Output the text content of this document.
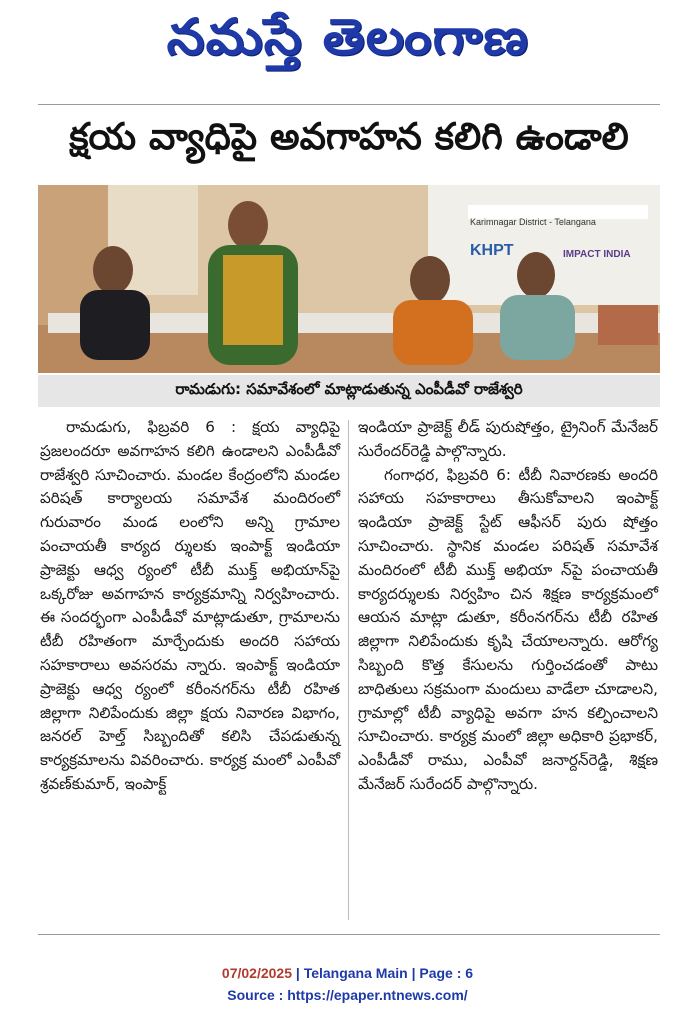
నమస్తే తెలంగాణ
క్షయ వ్యాధిపై అవగాహన కలిగి ఉండాలి
Karimnagar District - Telangana
KHPT	IMPACT INDIA
రామడుగు: సమావేశంలో మాట్లాడుతున్న ఎంపీడీవో రాజేశ్వరి

రామడుగు, ఫిబ్రవరి 6 : క్షయ వ్యాధిపై ప్రజలందరూ అవగాహన కలిగి ఉండాలని ఎంపీడీవో రాజేశ్వరి సూచించారు. మండల కేంద్రంలోని మండల పరిషత్ కార్యాలయ సమావేశ మందిరంలో గురువారం మండ లంలోని అన్ని గ్రామాల పంచాయతీ కార్యద ర్శులకు ఇంపాక్ట్ ఇండియా ప్రాజెక్టు ఆధ్వ ర్యంలో టీబీ ముక్త్ అభియాన్‌పై ఒక్కరోజు అవగాహన కార్యక్రమాన్ని నిర్వహించారు. ఈ సందర్భంగా ఎంపీడీవో మాట్లాడుతూ, గ్రామాలను టీబీ రహితంగా మార్చేందుకు అందరి సహాయ సహకారాలు అవసరమ న్నారు. ఇంపాక్ట్ ఇండియా ప్రాజెక్టు ఆధ్వ ర్యంలో కరీంనగర్‌ను టీబీ రహిత జిల్లాగా నిలిపేందుకు జిల్లా క్షయ నివారణ విభాగం, జనరల్ హెల్త్ సిబ్బందితో కలిసి చేపడుతున్న కార్యక్రమాలను వివరించారు. కార్యక్ర మంలో ఎంపీవో శ్రవణ్‌కుమార్, ఇంపాక్ట్

ఇండియా ప్రాజెక్ట్ లీడ్ పురుషోత్తం, ట్రైనింగ్ మేనేజర్ సురేందర్‌రెడ్డి పాల్గొన్నారు.

గంగాధర, ఫిబ్రవరి 6: టీబీ నివారణకు అందరి సహాయ సహకారాలు తీసుకోవాలని ఇంపాక్ట్ ఇండియా ప్రాజెక్ట్ స్టేట్ ఆఫీసర్ పురు షోత్తం సూచించారు. స్థానిక మండల పరిషత్ సమావేశ మందిరంలో టీబీ ముక్త్ అభియా న్‌పై పంచాయతీ కార్యదర్శులకు నిర్వహిం చిన శిక్షణ కార్యక్రమంలో ఆయన మాట్లా డుతూ, కరీంనగర్‌ను టీబీ రహిత జిల్లాగా నిలిపేందుకు కృషి చేయాలన్నారు. ఆరోగ్య సిబ్బంది కొత్త కేసులను గుర్తించడంతో పాటు బాధితులు సక్రమంగా మందులు వాడేలా చూడాలని, గ్రామాల్లో టీబీ వ్యాధిపై అవగా హన కల్పించాలని సూచించారు. కార్యక్ర మంలో జిల్లా అధికారి ప్రభాకర్, ఎంపీడీవో రాము, ఎంపీవో జనార్దన్‌రెడ్డి, శిక్షణ మేనేజర్ సురేందర్ పాల్గొన్నారు.

07/02/2025 | Telangana Main | Page : 6
Source : https://epaper.ntnews.com/
